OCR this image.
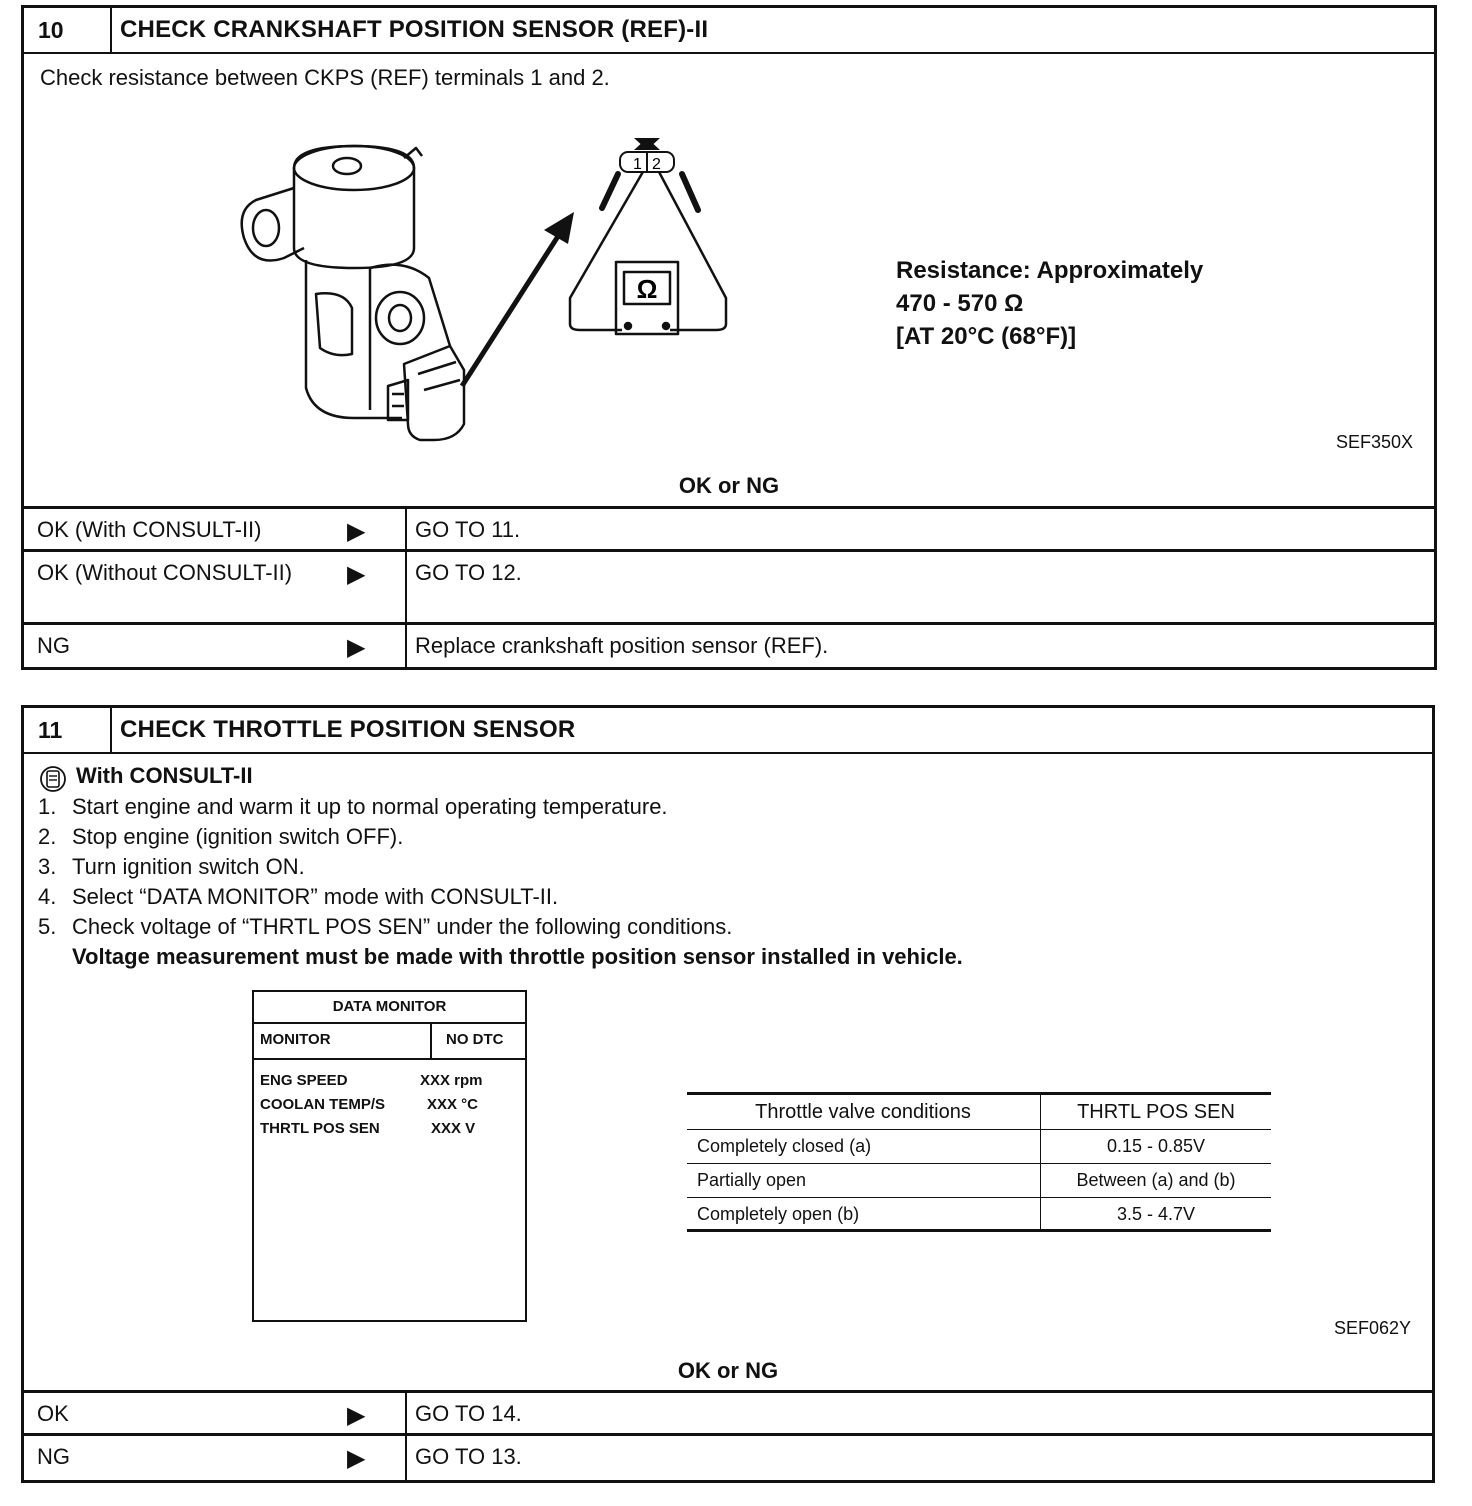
10	CHECK CRANKSHAFT POSITION SENSOR (REF)-II
Check resistance between CKPS (REF) terminals 1 and 2.
1 2
Ω
Resistance: Approximately
470 - 570 Ω
[AT 20°C (68°F)]
SEF350X
OK or NG
OK (With CONSULT-II)	▶ GO TO 11.
OK (Without CONSULT-II)	▶ GO TO 12.
NG	▶ Replace crankshaft position sensor (REF).
11	CHECK THROTTLE POSITION SENSOR
With CONSULT-II
1. Start engine and warm it up to normal operating temperature.
2. Stop engine (ignition switch OFF).
3. Turn ignition switch ON.
4. Select “DATA MONITOR” mode with CONSULT-II.
5. Check voltage of “THRTL POS SEN” under the following conditions.
Voltage measurement must be made with throttle position sensor installed in vehicle.
DATA MONITOR
MONITOR	NO DTC
ENG SPEED	XXX rpm
COOLAN TEMP/S	XXX °C
THRTL POS SEN	XXX V
Throttle valve conditions	THRTL POS SEN
Completely closed (a)	0.15 - 0.85V
Partially open	Between (a) and (b)
Completely open (b)	3.5 - 4.7V
SEF062Y
OK or NG
OK	▶ GO TO 14.
NG	▶ GO TO 13.
